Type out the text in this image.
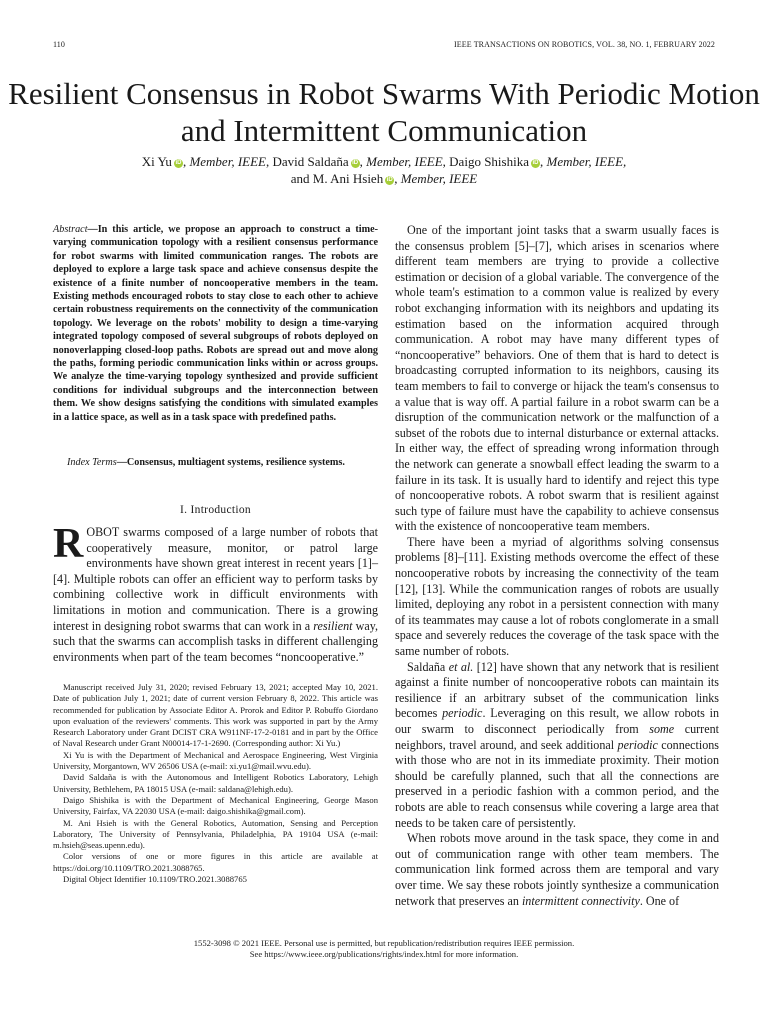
110	IEEE TRANSACTIONS ON ROBOTICS, VOL. 38, NO. 1, FEBRUARY 2022
Resilient Consensus in Robot Swarms With Periodic Motion and Intermittent Communication
Xi Yu iD , Member, IEEE, David Saldaña iD , Member, IEEE, Daigo Shishika iD , Member, IEEE,
and M. Ani Hsieh iD , Member, IEEE
Abstract—In this article, we propose an approach to construct a time-varying communication topology with a resilient consensus performance for robot swarms with limited communication ranges. The robots are deployed to explore a large task space and achieve consensus despite the existence of a finite number of noncooperative members in the team. Existing methods encouraged robots to stay close to each other to achieve certain robustness requirements on the connectivity of the communication topology. We leverage on the robots' mobility to design a time-varying integrated topology composed of several subgroups of robots deployed on nonoverlapping closed-loop paths. Robots are spread out and move along the paths, forming periodic communication links within or across groups. We analyze the time-varying topology synthesized and provide sufficient conditions for individual subgroups and the interconnection between them. We show designs satisfying the conditions with simulated examples in a lattice space, as well as in a task space with predefined paths.
Index Terms—Consensus, multiagent systems, resilience systems.
I. Introduction
ROBOT swarms composed of a large number of robots that cooperatively measure, monitor, or patrol large environments have shown great interest in recent years [1]–[4]. Multiple robots can offer an efficient way to perform tasks by combining collective work in difficult environments with limitations in motion and communication. There is a growing interest in designing robot swarms that can work in a resilient way, such that the swarms can accomplish tasks in different challenging environments when part of the team becomes “noncooperative.”

Manuscript received July 31, 2020; revised February 13, 2021; accepted May 10, 2021. Date of publication July 1, 2021; date of current version February 8, 2022. This article was recommended for publication by Associate Editor A. Prorok and Editor P. Robuffo Giordano upon evaluation of the reviewers' comments. This work was supported in part by the Army Research Laboratory under Grant DCIST CRA W911NF-17-2-0181 and in part by the Office of Naval Research under Grant N00014-17-1-2690. (Corresponding author: Xi Yu.)

Xi Yu is with the Department of Mechanical and Aerospace Engineering, West Virginia University, Morgantown, WV 26506 USA (e-mail: xi.yu1@mail.wvu.edu).

David Saldaña is with the Autonomous and Intelligent Robotics Laboratory, Lehigh University, Bethlehem, PA 18015 USA (e-mail: saldana@lehigh.edu).

Daigo Shishika is with the Department of Mechanical Engineering, George Mason University, Fairfax, VA 22030 USA (e-mail: daigo.shishika@gmail.com).

M. Ani Hsieh is with the General Robotics, Automation, Sensing and Perception Laboratory, The University of Pennsylvania, Philadelphia, PA 19104 USA (e-mail: m.hsieh@seas.upenn.edu).

Color versions of one or more figures in this article are available at https://doi.org/10.1109/TRO.2021.3088765.

Digital Object Identifier 10.1109/TRO.2021.3088765

One of the important joint tasks that a swarm usually faces is the consensus problem [5]–[7], which arises in scenarios where different team members are trying to provide a collective estimation or decision of a global variable. The convergence of the whole team's estimation to a common value is realized by every robot exchanging information with its neighbors and updating its estimation based on the information acquired through communication. A robot may have many different types of “noncooperative” behaviors. One of them that is hard to detect is broadcasting corrupted information to its neighbors, causing its team members to fail to converge or hijack the team's consensus to a value that is way off. A partial failure in a robot swarm can be a disruption of the communication network or the malfunction of a subset of the robots due to internal disturbance or external attacks. In either way, the effect of spreading wrong information through the network can generate a snowball effect leading the swarm to a failure in its task. It is usually hard to identify and reject this type of noncooperative robots. A robot swarm that is resilient against such type of failure must have the capability to achieve consensus with the existence of noncooperative team members.

There have been a myriad of algorithms solving consensus problems [8]–[11]. Existing methods overcome the effect of these noncooperative robots by increasing the connectivity of the team [12], [13]. While the communication ranges of robots are usually limited, deploying any robot in a persistent connection with many of its teammates may cause a lot of robots conglomerate in a small space and severely reduces the coverage of the task space with the same number of robots.

Saldaña et al. [12] have shown that any network that is resilient against a finite number of noncooperative robots can maintain its resilience if an arbitrary subset of the communication links becomes periodic. Leveraging on this result, we allow robots in our swarm to disconnect periodically from some current neighbors, travel around, and seek additional periodic connections with those who are not in its immediate proximity. Their motion should be carefully planned, such that all the connections are preserved in a periodic fashion with a common period, and the robots are able to reach consensus while covering a large area that needs to be taken care of persistently.

When robots move around in the task space, they come in and out of communication range with other team members. The communication link formed across them are temporal and vary over time. We say these robots jointly synthesize a communication network that preserves an intermittent connectivity. One of

1552-3098 © 2021 IEEE. Personal use is permitted, but republication/redistribution requires IEEE permission.
See https://www.ieee.org/publications/rights/index.html for more information.
